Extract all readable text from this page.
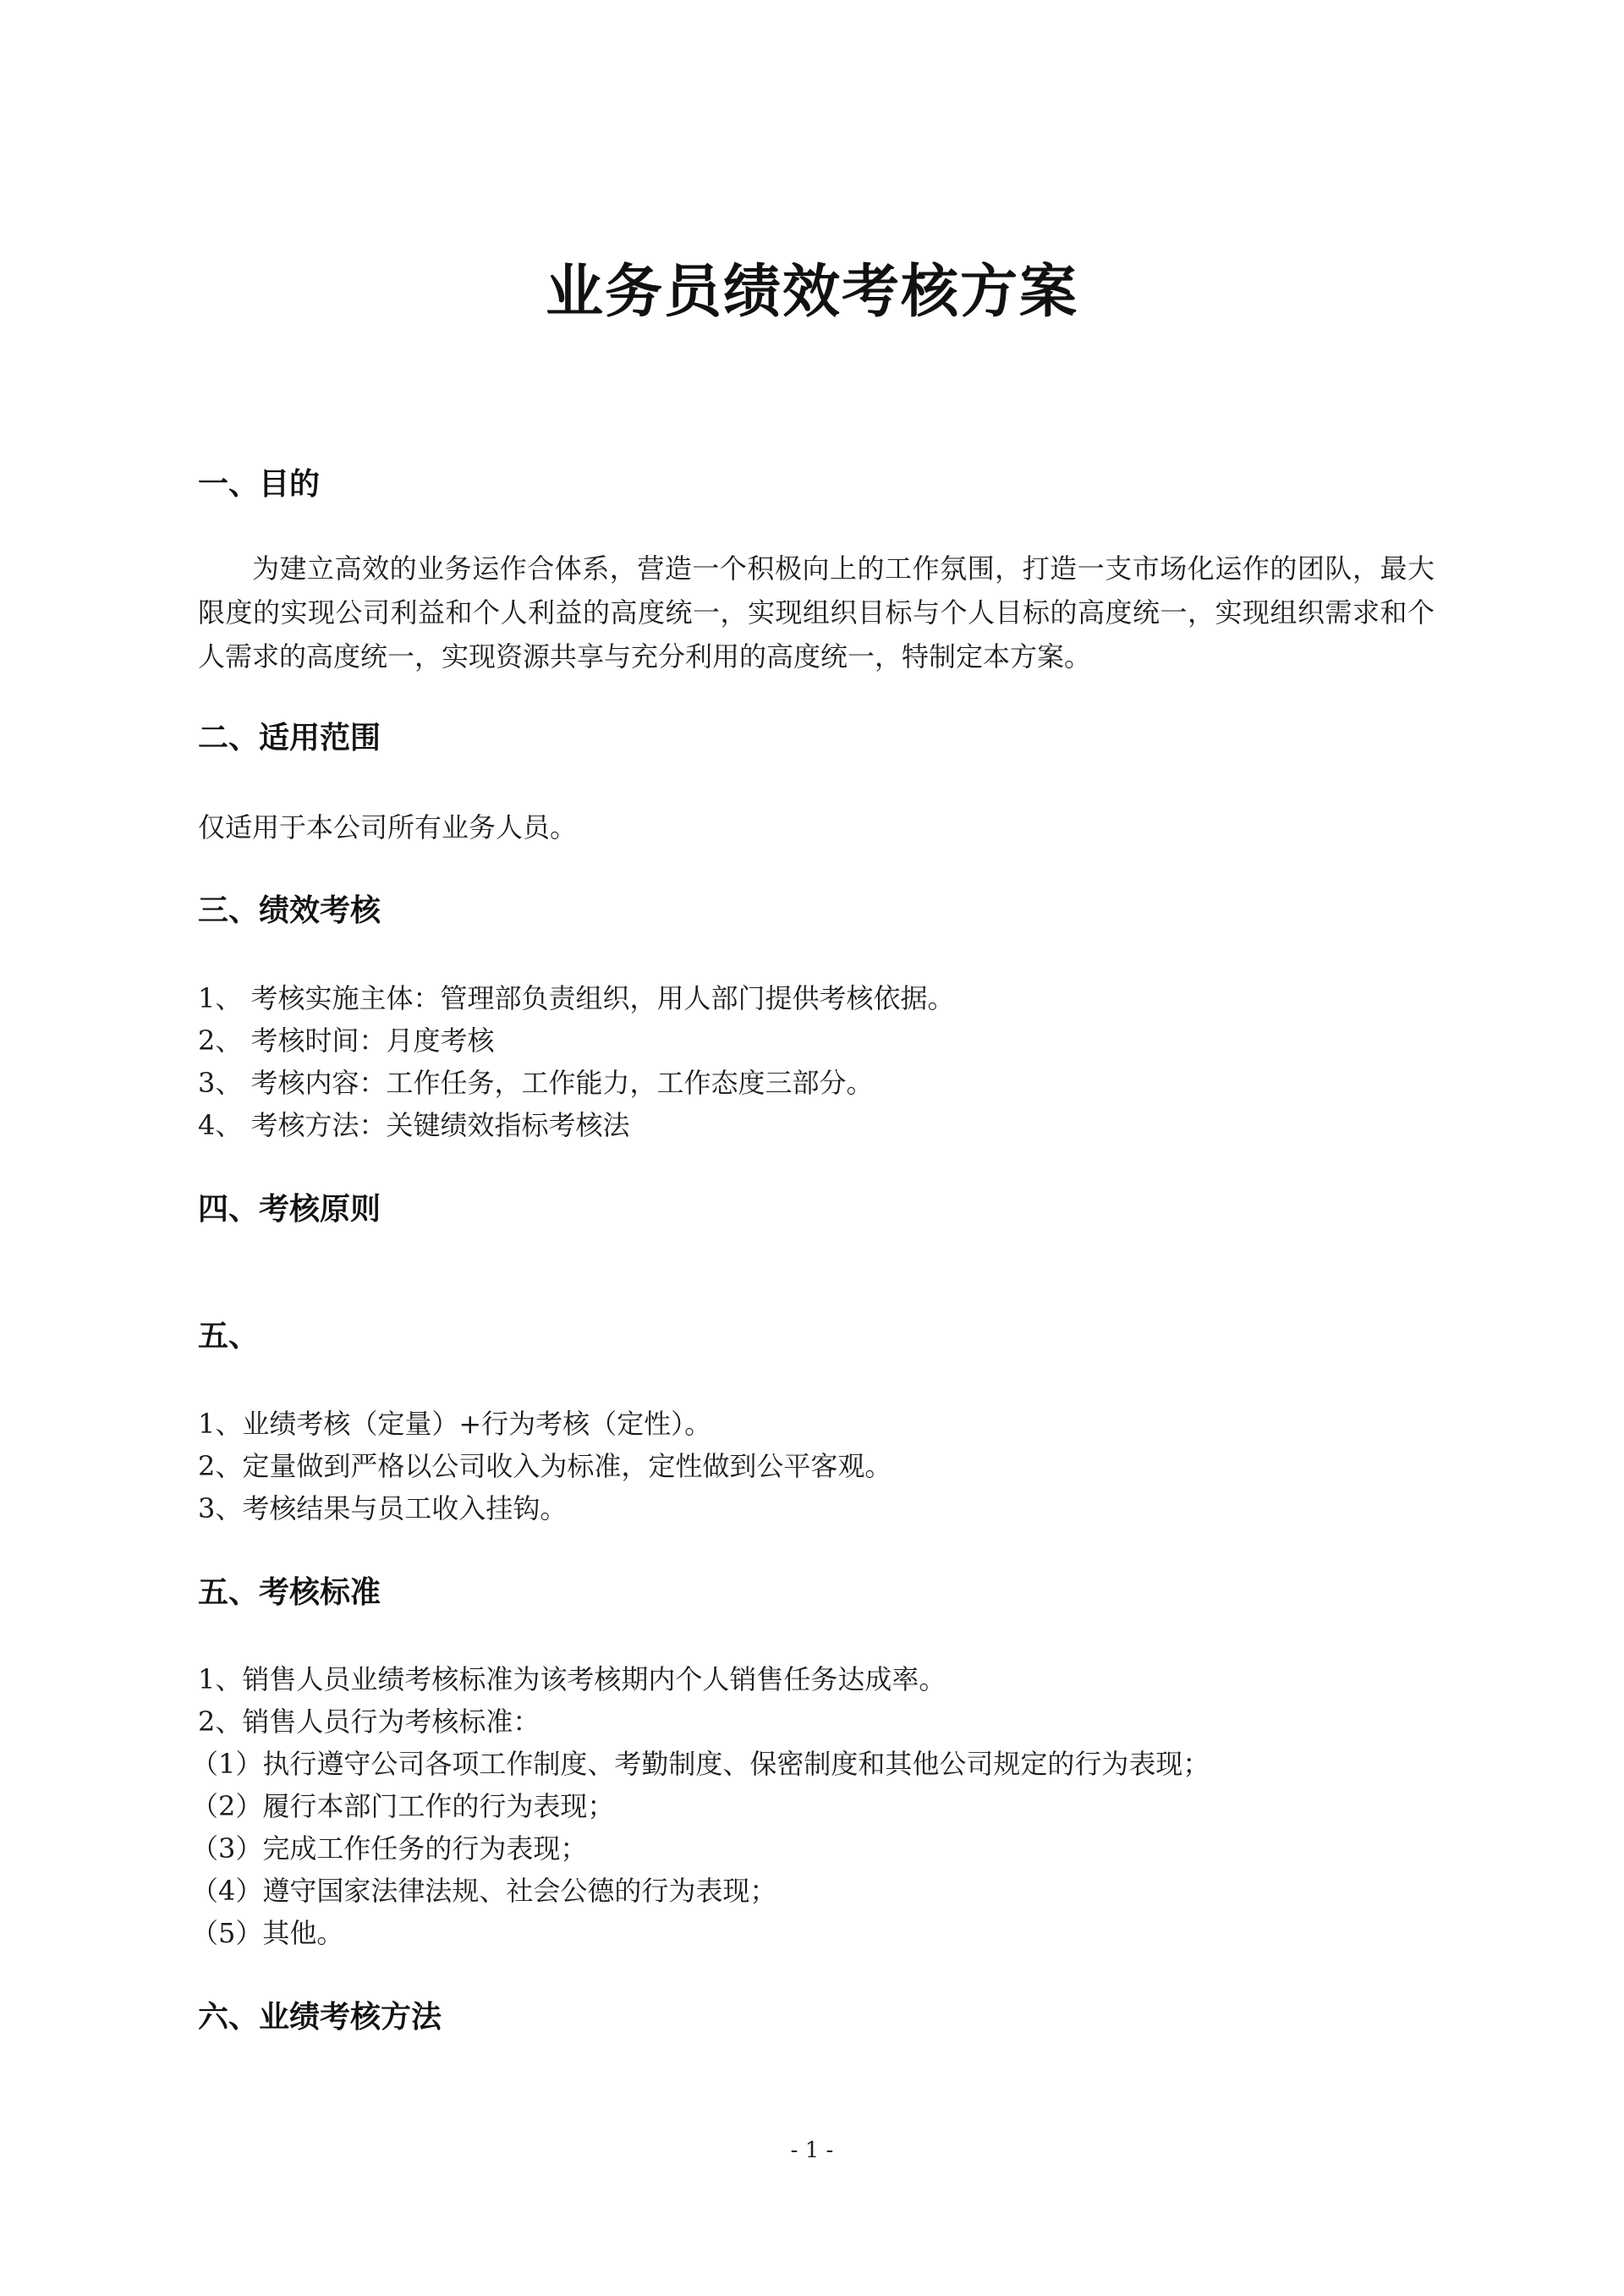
业务员绩效考核方案
一、目的
为建立高效的业务运作合体系，营造一个积极向上的工作氛围，打造一支市场化运作的团队，最大限度的实现公司利益和个人利益的高度统一，实现组织目标与个人目标的高度统一，实现组织需求和个人需求的高度统一，实现资源共享与充分利用的高度统一，特制定本方案。
二、适用范围
仅适用于本公司所有业务人员。
三、绩效考核
1、 考核实施主体：管理部负责组织，用人部门提供考核依据。
2、 考核时间：月度考核
3、 考核内容：工作任务，工作能力，工作态度三部分。
4、 考核方法：关键绩效指标考核法
四、考核原则
五、
1、业绩考核（定量）+行为考核（定性）。
2、定量做到严格以公司收入为标准，定性做到公平客观。
3、考核结果与员工收入挂钩。
五、考核标准
1、销售人员业绩考核标准为该考核期内个人销售任务达成率。
2、销售人员行为考核标准：
（1）执行遵守公司各项工作制度、考勤制度、保密制度和其他公司规定的行为表现；
（2）履行本部门工作的行为表现；
（3）完成工作任务的行为表现；
（4）遵守国家法律法规、社会公德的行为表现；
（5）其他。
六、业绩考核方法
- 1 -
